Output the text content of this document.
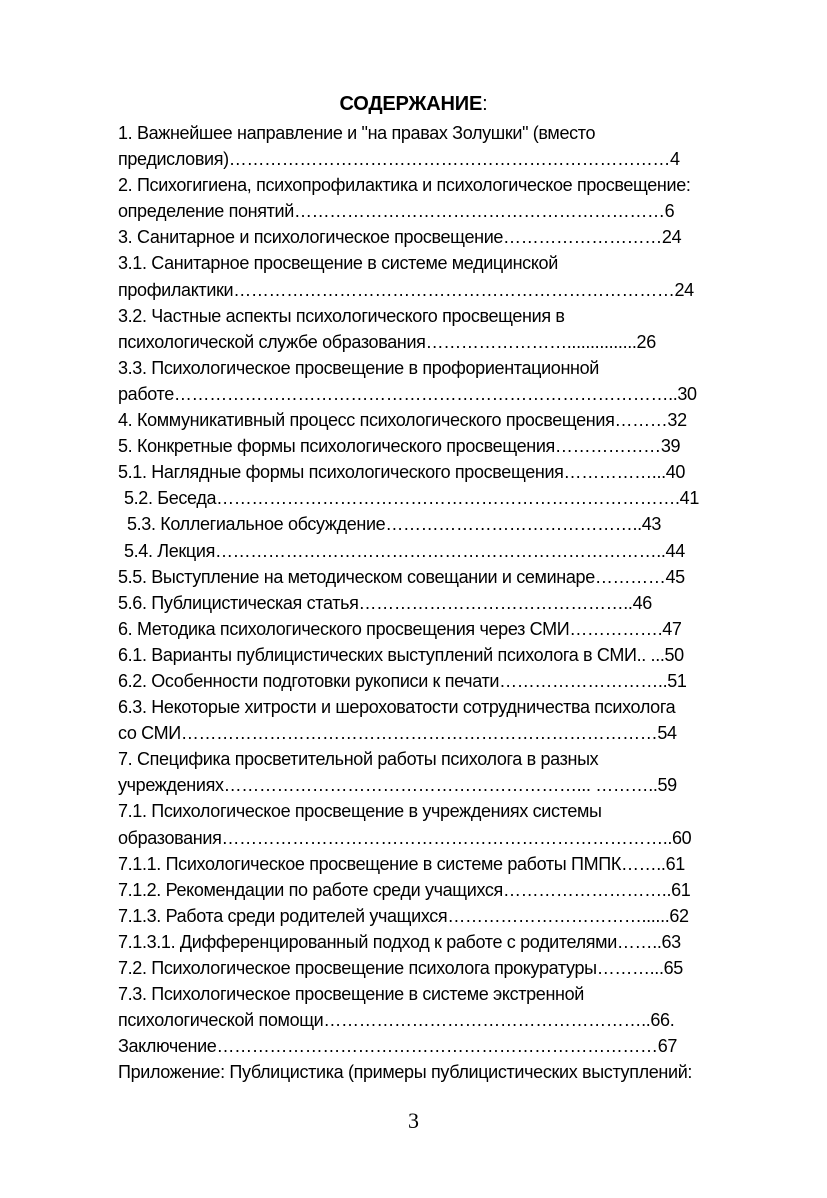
СОДЕРЖАНИЕ:
1. Важнейшее направление и "на правах Золушки" (вместо
предисловия)…………………………………………………………………4
2. Психогигиена, психопрофилактика и психологическое просвещение:
определение понятий………………………………………………………6
3. Санитарное и психологическое просвещение………………………24
3.1. Санитарное просвещение в системе медицинской
профилактики…………………………………………………………………24
3.2. Частные аспекты психологического просвещения в
психологической службе образования……………………...............26
3.3. Психологическое просвещение в профориентационной
работе…………………………………………………………………………..30
4. Коммуникативный процесс психологического просвещения………32
5. Конкретные формы психологического просвещения………………39
5.1. Наглядные формы психологического просвещения……………...40
5.2. Беседа…………………………………………………………………….41
5.3. Коллегиальное обсуждение……………………………………..43
5.4. Лекция…………………………………………………………………..44
5.5. Выступление на методическом совещании и семинаре…………45
5.6. Публицистическая статья………………………………………..46
6. Методика психологического просвещения через СМИ…………….47
6.1. Варианты публицистических выступлений психолога в СМИ.. ...50
6.2. Особенности подготовки рукописи к печати………………………..51
6.3. Некоторые хитрости и шероховатости сотрудничества психолога
со СМИ………………………………………………………………………54
7. Специфика просветительной работы психолога в разных
учреждениях……………………………………………………... ………..59
7.1. Психологическое просвещение в учреждениях системы
образования…………………………………………………………………..60
7.1.1. Психологическое просвещение в системе работы ПМПК……..61
7.1.2. Рекомендации по работе среди учащихся………………………..61
7.1.3. Работа среди родителей учащихся……………………………......62
7.1.3.1. Дифференцированный подход к работе с родителями……..63
7.2. Психологическое просвещение психолога прокуратуры………...65
7.3. Психологическое просвещение в системе экстренной
психологической помощи………………………………………………..66.
Заключение…………………………………………………………………67
Приложение: Публицистика (примеры публицистических выступлений:
3
